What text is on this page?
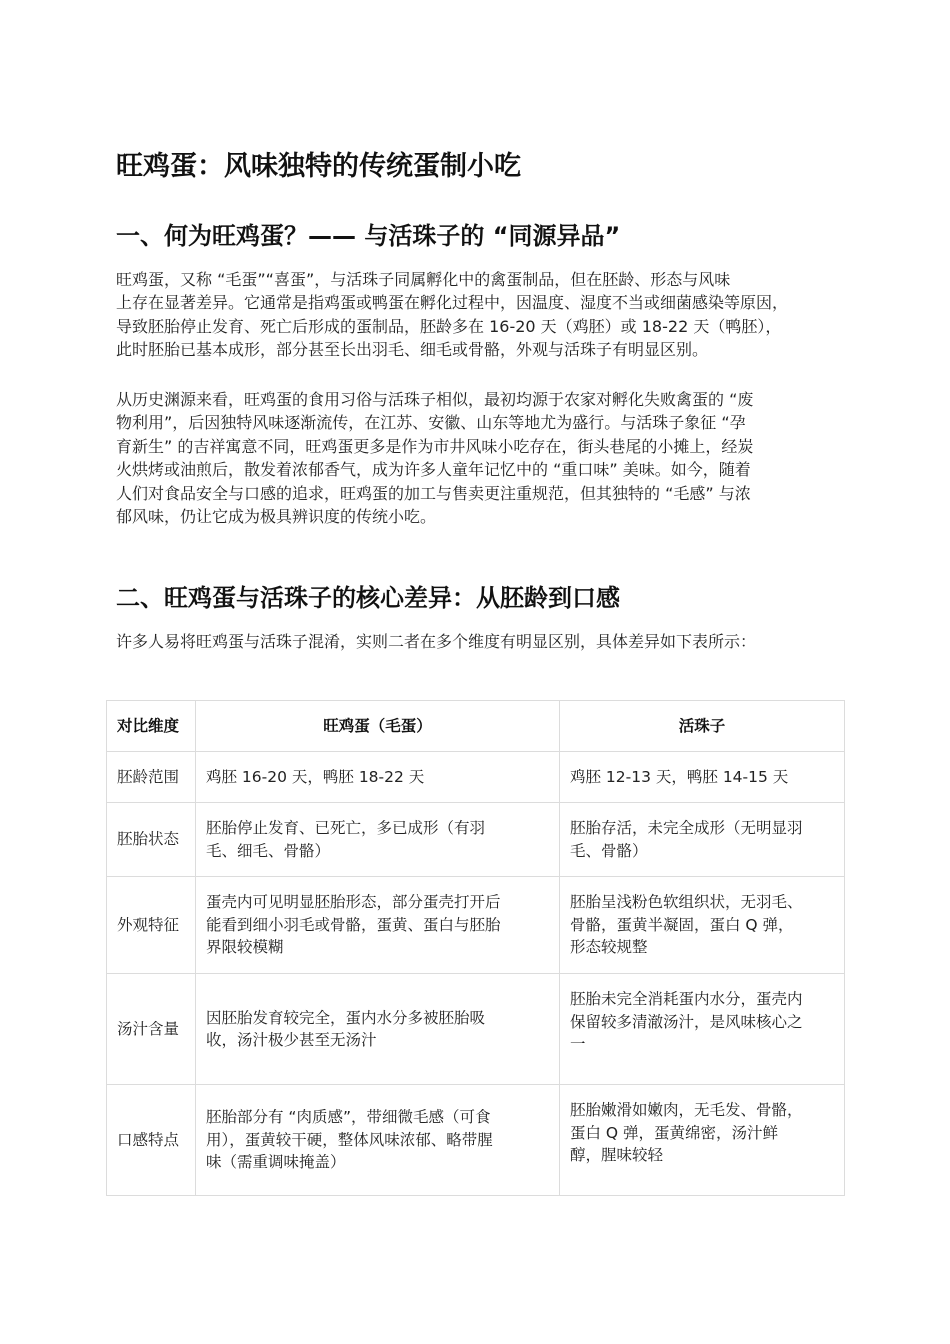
旺鸡蛋：风味独特的传统蛋制小吃
一、何为旺鸡蛋？—— 与活珠子的 “同源异品”

旺鸡蛋，又称 “毛蛋”“喜蛋”，与活珠子同属孵化中的禽蛋制品，但在胚龄、形态与风味
上存在显著差异。它通常是指鸡蛋或鸭蛋在孵化过程中，因温度、湿度不当或细菌感染等原因，
导致胚胎停止发育、死亡后形成的蛋制品，胚龄多在 16-20 天（鸡胚）或 18-22 天（鸭胚），
此时胚胎已基本成形，部分甚至长出羽毛、细毛或骨骼，外观与活珠子有明显区别。

从历史渊源来看，旺鸡蛋的食用习俗与活珠子相似，最初均源于农家对孵化失败禽蛋的 “废
物利用”，后因独特风味逐渐流传，在江苏、安徽、山东等地尤为盛行。与活珠子象征 “孕
育新生” 的吉祥寓意不同，旺鸡蛋更多是作为市井风味小吃存在，街头巷尾的小摊上，经炭
火烘烤或油煎后，散发着浓郁香气，成为许多人童年记忆中的 “重口味” 美味。如今，随着
人们对食品安全与口感的追求，旺鸡蛋的加工与售卖更注重规范，但其独特的 “毛感” 与浓
郁风味，仍让它成为极具辨识度的传统小吃。

二、旺鸡蛋与活珠子的核心差异：从胚龄到口感

许多人易将旺鸡蛋与活珠子混淆，实则二者在多个维度有明显区别，具体差异如下表所示：

对比维度	旺鸡蛋（毛蛋）	活珠子
胚龄范围	鸡胚 16-20 天，鸭胚 18-22 天	鸡胚 12-13 天，鸭胚 14-15 天

胚胎状态	胚胎停止发育、已死亡，多已成形（有羽
毛、细毛、骨骼）	胚胎存活，未完全成形（无明显羽
毛、骨骼）

外观特征	蛋壳内可见明显胚胎形态，部分蛋壳打开后
能看到细小羽毛或骨骼，蛋黄、蛋白与胚胎
界限较模糊	胚胎呈浅粉色软组织状，无羽毛、
骨骼，蛋黄半凝固，蛋白 Q 弹，
形态较规整

汤汁含量	因胚胎发育较完全，蛋内水分多被胚胎吸
收，汤汁极少甚至无汤汁	胚胎未完全消耗蛋内水分，蛋壳内
保留较多清澈汤汁，是风味核心之
一

口感特点	胚胎部分有 “肉质感”，带细微毛感（可食
用），蛋黄较干硬，整体风味浓郁、略带腥
味（需重调味掩盖）	胚胎嫩滑如嫩肉，无毛发、骨骼，
蛋白 Q 弹，蛋黄绵密，汤汁鲜
醇，腥味较轻
